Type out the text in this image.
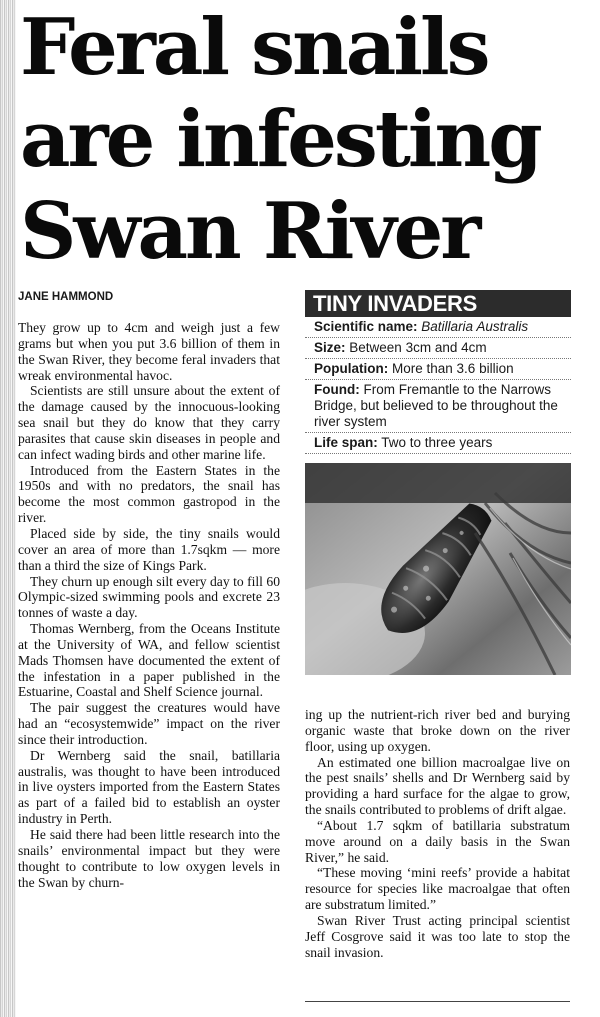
Feral snails
are infesting
Swan River
JANE HAMMOND

They grow up to 4cm and weigh just a few grams but when you put 3.6 billion of them in the Swan River, they become feral invaders that wreak environmental havoc.

Scientists are still unsure about the extent of the damage caused by the innocuous-looking sea snail but they do know that they carry parasites that cause skin diseases in people and can infect wading birds and other marine life.

Introduced from the Eastern States in the 1950s and with no predators, the snail has become the most common gastropod in the river.

Placed side by side, the tiny snails would cover an area of more than 1.7sqkm — more than a third the size of Kings Park.

They churn up enough silt every day to fill 60 Olympic-sized swimming pools and excrete 23 tonnes of waste a day.

Thomas Wernberg, from the Oceans Institute at the University of WA, and fellow scientist Mads Thomsen have documented the extent of the infestation in a paper published in the Estuarine, Coastal and Shelf Science journal.

The pair suggest the creatures would have had an “ecosystemwide” impact on the river since their introduction.

Dr Wernberg said the snail, batillaria australis, was thought to have been introduced in live oysters imported from the Eastern States as part of a failed bid to establish an oyster industry in Perth.

He said there had been little research into the snails’ environmental impact but they were thought to contribute to low oxygen levels in the Swan by churn-

TINY INVADERS
Scientific name: Batillaria Australis
Size: Between 3cm and 4cm
Population: More than 3.6 billion
Found: From Fremantle to the Narrows Bridge, but believed to be throughout the river system
Life span: Two to three years

ing up the nutrient-rich river bed and burying organic waste that broke down on the river floor, using up oxygen.

An estimated one billion macroalgae live on the pest snails’ shells and Dr Wernberg said by providing a hard surface for the algae to grow, the snails contributed to problems of drift algae.

“About 1.7 sqkm of batillaria substratum move around on a daily basis in the Swan River,” he said.

“These moving ‘mini reefs’ provide a habitat resource for species like macroalgae that often are substratum limited.”

Swan River Trust acting principal scientist Jeff Cosgrove said it was too late to stop the snail invasion.
